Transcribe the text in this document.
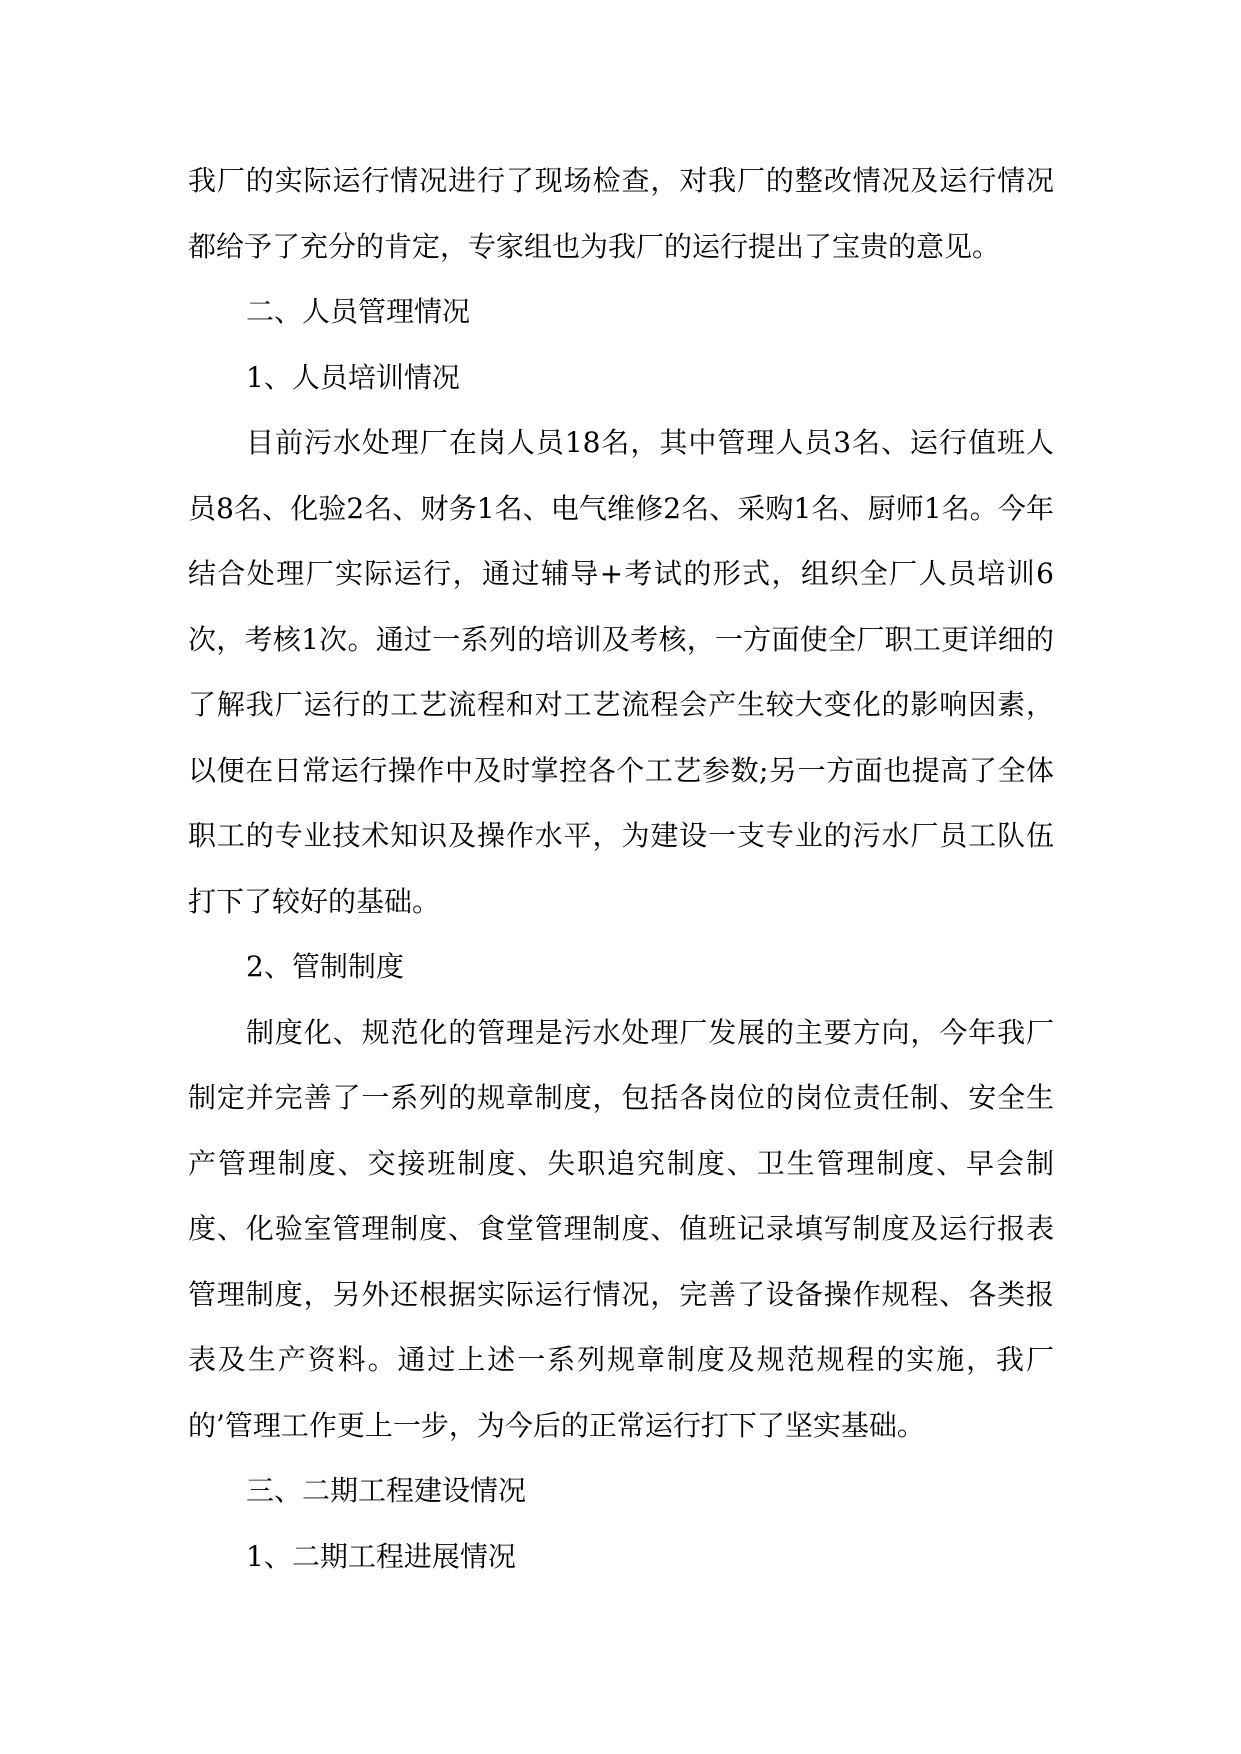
我厂的实际运行情况进行了现场检查，对我厂的整改情况及运行情况都给予了充分的肯定，专家组也为我厂的运行提出了宝贵的意见。

二、人员管理情况

1、人员培训情况

目前污水处理厂在岗人员18名，其中管理人员3名、运行值班人员8名、化验2名、财务1名、电气维修2名、采购1名、厨师1名。今年结合处理厂实际运行，通过辅导+考试的形式，组织全厂人员培训6次，考核1次。通过一系列的培训及考核，一方面使全厂职工更详细的了解我厂运行的工艺流程和对工艺流程会产生较大变化的影响因素，以便在日常运行操作中及时掌控各个工艺参数;另一方面也提高了全体职工的专业技术知识及操作水平，为建设一支专业的污水厂员工队伍打下了较好的基础。

2、管制制度

制度化、规范化的管理是污水处理厂发展的主要方向，今年我厂制定并完善了一系列的规章制度，包括各岗位的岗位责任制、安全生产管理制度、交接班制度、失职追究制度、卫生管理制度、早会制度、化验室管理制度、食堂管理制度、值班记录填写制度及运行报表管理制度，另外还根据实际运行情况，完善了设备操作规程、各类报表及生产资料。通过上述一系列规章制度及规范规程的实施，我厂的’管理工作更上一步，为今后的正常运行打下了坚实基础。

三、二期工程建设情况

1、二期工程进展情况
